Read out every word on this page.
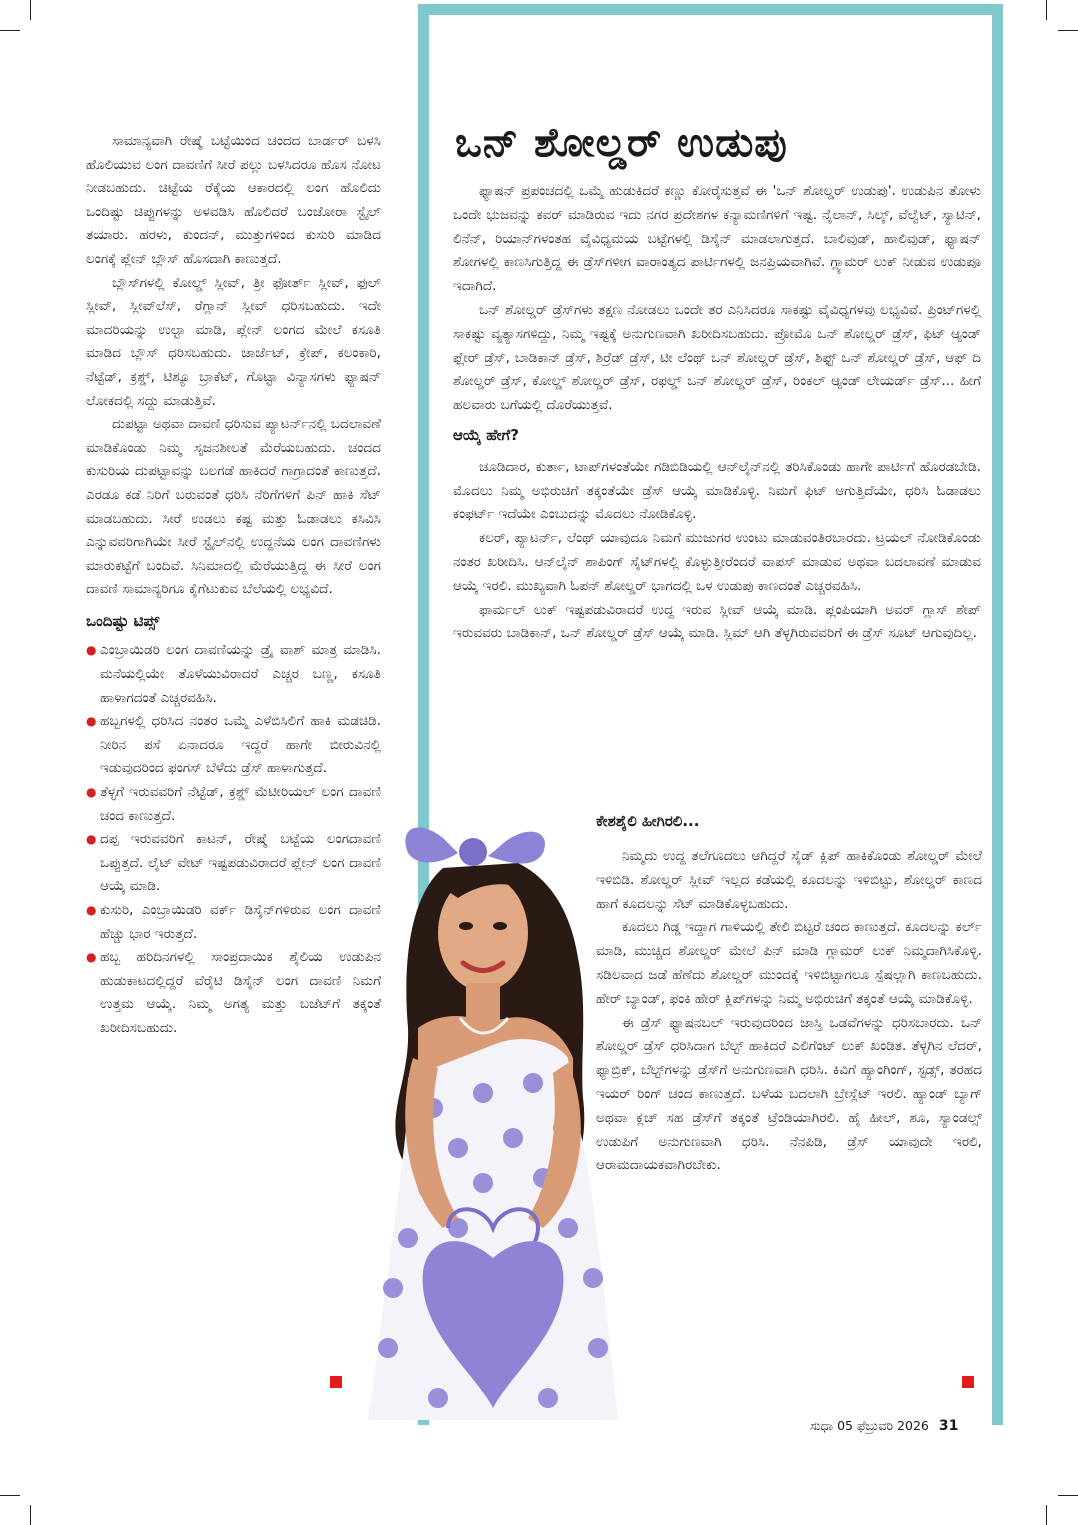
ಸಾಮಾನ್ಯವಾಗಿ ರೇಷ್ಮೆ ಬಟ್ಟೆಯಿಂದ ಚಂದದ ಬಾರ್ಡರ್ ಬಳಸಿ ಹೊಲಿಯುವ ಲಂಗ ದಾವಣಿಗೆ ಸೀರೆ ಪಲ್ಲು ಬಳಸಿದರೂ ಹೊಸ ನೋಟ ನೀಡಬಹುದು. ಚಿಟ್ಟೆಯ ರೆಕ್ಕೆಯ ಆಕಾರದಲ್ಲಿ ಲಂಗ ಹೊಲಿದು ಒಂದಿಷ್ಟು ಚಿಪ್ಪುಗಳನ್ನು ಅಳವಡಿಸಿ ಹೊಲಿದರೆ ಬಂಜೋರಾ ಸ್ಟೈಲ್ ತಯಾರು. ಹರಳು, ಕುಂದನ್, ಮುತ್ತುಗಳಿಂದ ಕುಸುರಿ ಮಾಡಿದ ಲಂಗಕ್ಕೆ ಪ್ಲೇನ್ ಬ್ಲೌಸ್ ಹೊಸದಾಗಿ ಕಾಣುತ್ತದೆ.

ಬ್ಲೌಸ್‌ಗಳಲ್ಲಿ ಕೋಲ್ಡ್ ಸ್ಲೀವ್, ತ್ರೀ ಫೋರ್ತ್ ಸ್ಲೀವ್, ಫುಲ್ ಸ್ಲೀವ್, ಸ್ಲೀವ್‌ಲೆಸ್, ರೆಗ್ಲಾನ್ ಸ್ಲೀವ್ ಧರಿಸಬಹುದು. ಇದೇ ಮಾದರಿಯನ್ನು ಉಲ್ಟಾ ಮಾಡಿ, ಪ್ಲೇನ್ ಲಂಗದ ಮೇಲೆ ಕಸೂತಿ ಮಾಡಿದ ಬ್ಲೌಸ್ ಧರಿಸಬಹುದು. ಜಾರ್ಜೆಟ್, ಕ್ರೇಪ್, ಕಲಂಕಾರಿ, ನೆಟ್ಟೆಡ್, ಕ್ರಶ್ಡ್, ಟಿಶ್ಯೂ ಬ್ರಾಕೆಟ್, ಗೊಟ್ಟಾ ವಿನ್ಯಾಸಗಳು ಫ್ಯಾಷನ್ ಲೋಕದಲ್ಲಿ ಸದ್ದು ಮಾಡುತ್ತಿವೆ.

ದುಪಟ್ಟಾ ಅಥವಾ ದಾವಣಿ ಧರಿಸುವ ಪ್ಯಾಟರ್ನ್‌ನಲ್ಲಿ ಬದಲಾವಣೆ ಮಾಡಿಕೊಂಡು ನಿಮ್ಮ ಸೃಜನಶೀಲತೆ ಮೆರೆಯಬಹುದು. ಚಂದದ ಕುಸುರಿಯ ದುಪಟ್ಟಾವನ್ನು ಬಲಗಡೆ ಹಾಕಿದರೆ ಗಾಗ್ರಾದಂತೆ ಕಾಣುತ್ತದೆ. ಎರಡೂ ಕಡೆ ನಿರಿಗೆ ಬರುವಂತೆ ಧರಿಸಿ ನೆರಿಗೆಗಳಿಗೆ ಪಿನ್ ಹಾಕಿ ಸೆಟ್ ಮಾಡಬಹುದು. ಸೀರೆ ಉಡಲು ಕಷ್ಟ ಮತ್ತು ಓಡಾಡಲು ಕಸಿವಿಸಿ ಎನ್ನುವವರಿಗಾಗಿಯೇ ಸೀರೆ ಸ್ಟೈಲ್‌ನಲ್ಲಿ ಉದ್ದನೆಯ ಲಂಗ ದಾವಣಿಗಳು ಮಾರುಕಟ್ಟೆಗೆ ಬಂದಿವೆ. ಸಿನಿಮಾದಲ್ಲಿ ಮೆರೆಯುತ್ತಿದ್ದ ಈ ಸೀರೆ ಲಂಗ ದಾವಣಿ ಸಾಮಾನ್ಯರಿಗೂ ಕೈಗೆಟುಕುವ ಬೆಲೆಯಲ್ಲಿ ಲಭ್ಯವಿದೆ.

ಒಂದಿಷ್ಟು ಟಿಪ್ಸ್
● ಎಂಬ್ರಾಯಿಡರಿ ಲಂಗ ದಾವಣಿಯನ್ನು ಡ್ರೈ ವಾಶ್ ಮಾತ್ರ ಮಾಡಿಸಿ. ಮನೆಯಲ್ಲಿಯೇ ತೊಳೆಯುವಿರಾದರೆ ಎಚ್ಚರ ಬಣ್ಣ, ಕಸೂತಿ ಹಾಳಾಗದಂತೆ ಎಚ್ಚರವಹಿಸಿ.
● ಹಬ್ಬಗಳಲ್ಲಿ ಧರಿಸಿದ ನಂತರ ಒಮ್ಮೆ ಎಳೆಬಿಸಿಲಿಗೆ ಹಾಕಿ ಮಡಚಿಡಿ. ನೀರಿನ ಪಸೆ ಏನಾದರೂ ಇದ್ದರೆ ಹಾಗೇ ಬೀರುವಿನಲ್ಲಿ ಇಡುವುದರಿಂದ ಫಂಗಸ್ ಬೆಳೆದು ಡ್ರೆಸ್ ಹಾಳಾಗುತ್ತದೆ.
● ತೆಳ್ಳಗೆ ಇರುವವರಿಗೆ ನೆಟ್ಟೆಡ್, ಕ್ರಶ್ಡ್ ಮೆಟೀರಿಯಲ್ ಲಂಗ ದಾವಣಿ ಚಂದ ಕಾಣುತ್ತದೆ.
● ದಪ್ಪ ಇರುವವರಿಗೆ ಕಾಟನ್, ರೇಷ್ಮೆ ಬಟ್ಟೆಯ ಲಂಗದಾವಣಿ ಒಪ್ಪುತ್ತದೆ. ಲೈಟ್ ವೇಟ್ ಇಷ್ಟಪಡುವಿರಾದರೆ ಪ್ಲೇನ್ ಲಂಗ ದಾವಣಿ ಆಯ್ಕೆ ಮಾಡಿ.
● ಕುಸುರಿ, ಎಂಬ್ರಾಯಿಡರಿ ವರ್ಕ್ ಡಿಸೈನ್‌ಗಳಿರುವ ಲಂಗ ದಾವಣಿ ಹೆಚ್ಚು ಭಾರ ಇರುತ್ತದೆ.
● ಹಬ್ಬ ಹರಿದಿನಗಳಲ್ಲಿ ಸಾಂಪ್ರದಾಯಿಕ ಶೈಲಿಯ ಉಡುಪಿನ ಹುಡುಕಾಟದಲ್ಲಿದ್ದರೆ ವೆರೈಟಿ ಡಿಸೈನ್ ಲಂಗ ದಾವಣಿ ನಿಮಗೆ ಉತ್ತಮ ಆಯ್ಕೆ. ನಿಮ್ಮ ಅಗತ್ಯ ಮತ್ತು ಬಜೆಟ್‌ಗೆ ತಕ್ಕಂತೆ ಖರೀದಿಸಬಹುದು.
ಒನ್ ಶೋಲ್ಡರ್ ಉಡುಪು

ಫ್ಯಾಷನ್ ಪ್ರಪಂಚದಲ್ಲಿ ಒಮ್ಮೆ ಹುಡುಕಿದರೆ ಕಣ್ಣು ಕೋರೈಸುತ್ತವೆ ಈ 'ಒನ್ ಶೋಲ್ಡರ್ ಉಡುಪು'. ಉಡುಪಿನ ತೋಳು ಒಂದೇ ಭುಜವನ್ನು ಕವರ್ ಮಾಡಿರುವ ಇದು ನಗರ ಪ್ರದೇಶಗಳ ಕನ್ಯಾಮಣಿಗಳಿಗೆ ಇಷ್ಟ. ನೈಲಾನ್, ಸಿಲ್ಕ್, ವೆಲ್ವೆಟ್, ಸ್ಯಾಟಿನ್, ಲಿನೆನ್, ರಿಯಾನ್‌ಗಳಂತಹ ವೈವಿಧ್ಯಮಯ ಬಟ್ಟೆಗಳಲ್ಲಿ ಡಿಸೈನ್ ಮಾಡಲಾಗುತ್ತದೆ. ಬಾಲಿವುಡ್, ಹಾಲಿವುಡ್, ಫ್ಯಾಷನ್ ಶೋಗಳಲ್ಲಿ ಕಾಣಸಿಗುತ್ತಿದ್ದ ಈ ಡ್ರೆಸ್‌ಗಳೀಗ ವಾರಾಂತ್ಯದ ಪಾರ್ಟಿಗಳಲ್ಲಿ ಜನಪ್ರಿಯವಾಗಿವೆ. ಗ್ಲ್ಯಾಮರ್ ಲುಕ್ ನೀಡುವ ಉಡುಪೂ ಇದಾಗಿದೆ.

ಒನ್ ಶೋಲ್ಡರ್ ಡ್ರೆಸ್‌ಗಳು ತಕ್ಷಣ ನೋಡಲು ಒಂದೇ ತರ ಎನಿಸಿದರೂ ಸಾಕಷ್ಟು ವೈವಿಧ್ಯಗಳವು ಲಭ್ಯವಿವೆ. ಪ್ರಿಂಟ್‌ಗಳಲ್ಲಿ ಸಾಕಷ್ಟು ವ್ಯತ್ಯಾಸಗಳಿದ್ದು, ನಿಮ್ಮ ಇಷ್ಟಕ್ಕೆ ಅನುಗುಣವಾಗಿ ಖರೀದಿಸಬಹುದು. ಪ್ರೋಮೊ ಒನ್ ಶೋಲ್ಡರ್ ಡ್ರೆಸ್, ಫಿಟ್ ಆ್ಯಂಡ್ ಫ್ಲೇರ್ ಡ್ರೆಸ್, ಬಾಡಿಕಾನ್ ಡ್ರೆಸ್, ಶಿರ್ರೆಡ್ ಡ್ರೆಸ್, ಟೀ ಲೆಂಥ್ ಒನ್ ಶೋಲ್ಡರ್ ಡ್ರೆಸ್, ಶಿಫ್ಟ್ ಒನ್ ಶೋಲ್ಡರ್ ಡ್ರೆಸ್, ಆಫ್ ದಿ ಶೋಲ್ಡರ್ ಡ್ರೆಸ್, ಕೋಲ್ಡ್ ಶೋಲ್ಡರ್ ಡ್ರೆಸ್, ರಫಲ್ಡ್ ಒನ್ ಶೋಲ್ಡರ್ ಡ್ರೆಸ್, ರಿಂಕಲ್ ಆ್ಯಂಡ್ ಲೇಯರ್ಡ್ ಡ್ರೆಸ್... ಹೀಗೆ ಹಲವಾರು ಬಗೆಯಲ್ಲಿ ದೊರೆಯುತ್ತವೆ.

ಆಯ್ಕೆ ಹೇಗೆ?

ಚೂಡಿದಾರ, ಕುರ್ತಾ, ಟಾಪ್‌ಗಳಂತೆಯೇ ಗಡಿಬಿಡಿಯಲ್ಲಿ ಆನ್‌ಲೈನ್‌ನಲ್ಲಿ ತರಿಸಿಕೊಂಡು ಹಾಗೇ ಪಾರ್ಟಿಗೆ ಹೊರಡಬೇಡಿ. ಮೊದಲು ನಿಮ್ಮ ಅಭಿರುಚಿಗೆ ತಕ್ಕಂತೆಯೇ ಡ್ರೆಸ್ ಆಯ್ಕೆ ಮಾಡಿಕೊಳ್ಳಿ. ನಿಮಗೆ ಫಿಟ್ ಆಗುತ್ತಿದೆಯೇ, ಧರಿಸಿ ಓಡಾಡಲು ಕಂಫರ್ಟ್ ಇದೆಯೇ ಎಂಬುದನ್ನು ಮೊದಲು ನೋಡಿಕೊಳ್ಳಿ.

ಕಲರ್, ಪ್ಯಾಟರ್ನ್, ಲೆಂಥ್ ಯಾವುದೂ ನಿಮಗೆ ಮುಜುಗರ ಉಂಟು ಮಾಡುವಂತಿರಬಾರದು. ಟ್ರಯಲ್ ನೋಡಿಕೊಂಡು ನಂತರ ಖರೀದಿಸಿ. ಆನ್‌ಲೈನ್ ಶಾಪಿಂಗ್ ಸೈಟ್‌ಗಳಲ್ಲಿ ಕೊಳ್ಳುತ್ತೀರೆಂದರೆ ವಾಪಸ್ ಮಾಡುವ ಅಥವಾ ಬದಲಾವಣೆ ಮಾಡುವ ಆಯ್ಕೆ ಇರಲಿ. ಮುಖ್ಯವಾಗಿ ಓಪನ್ ಶೋಲ್ಡರ್ ಭಾಗದಲ್ಲಿ ಒಳ ಉಡುಪು ಕಾಣದಂತೆ ಎಚ್ಚರವಹಿಸಿ.

ಫಾರ್ಮಲ್ ಲುಕ್ ಇಷ್ಟಪಡುವಿರಾದರೆ ಉದ್ದ ಇರುವ ಸ್ಲೀವ್ ಆಯ್ಕೆ ಮಾಡಿ. ಪ್ಲಂಪಿಯಾಗಿ ಅವರ್ ಗ್ಲಾಸ್ ಶೇಪ್ ಇರುವವರು ಬಾಡಿಕಾನ್, ಒನ್ ಶೋಲ್ಡರ್ ಡ್ರೆಸ್ ಆಯ್ಕೆ ಮಾಡಿ. ಸ್ಲಿಮ್ ಆಗಿ ತೆಳ್ಳಗಿರುವವರಿಗೆ ಈ ಡ್ರೆಸ್ ಸೂಟ್ ಆಗುವುದಿಲ್ಲ.

ಕೇಶಶೈಲಿ ಹೀಗಿರಲಿ...

ನಿಮ್ಮದು ಉದ್ದ ತಲೆಗೂದಲು ಆಗಿದ್ದರೆ ಸೈಡ್ ಕ್ಲಿಪ್ ಹಾಕಿಕೊಂಡು ಶೋಲ್ಡರ್ ಮೇಲೆ ಇಳಿಬಿಡಿ. ಶೋಲ್ಡರ್ ಸ್ಲೀವ್ ಇಲ್ಲದ ಕಡೆಯಲ್ಲಿ ಕೂದಲನ್ನು ಇಳಿಬಿಟ್ಟು, ಶೋಲ್ಡರ್ ಕಾಣದ ಹಾಗೆ ಕೂದಲನ್ನು ಸೆಟ್ ಮಾಡಿಕೊಳ್ಳಬಹುದು.

ಕೂದಲು ಗಿಡ್ಡ ಇದ್ದಾಗ ಗಾಳಿಯಲ್ಲಿ ತೇಲಿ ಬಿಟ್ಟರೆ ಚಂದ ಕಾಣುತ್ತದೆ. ಕೂದಲನ್ನು ಕರ್ಲ್ ಮಾಡಿ, ಮುಚ್ಚಿದ ಶೋಲ್ಡರ್ ಮೇಲೆ ಪಿನ್ ಮಾಡಿ ಗ್ಲಾಮರ್ ಲುಕ್ ನಿಮ್ಮದಾಗಿಸಿಕೊಳ್ಳಿ. ಸಡಿಲವಾದ ಜಡೆ ಹೆಣೆದು ಶೋಲ್ಡರ್ ಮುಂದಕ್ಕೆ ಇಳಿಬಿಟ್ಟಾಗಲೂ ಸ್ಪೆಷಲ್ಲಾಗಿ ಕಾಣಬಹುದು. ಹೇರ್ ಬ್ಯಾಂಡ್, ಫಂಕಿ ಹೇರ್ ಕ್ಲಿಪ್‌ಗಳನ್ನು ನಿಮ್ಮ ಅಭಿರುಚಿಗೆ ತಕ್ಕಂತೆ ಆಯ್ಕೆ ಮಾಡಿಕೊಳ್ಳಿ.

ಈ ಡ್ರೆಸ್ ಫ್ಯಾಷನಬಲ್ ಇರುವುದರಿಂದ ಜಾಸ್ತಿ ಒಡವೆಗಳನ್ನು ಧರಿಸಬಾರದು. ಒನ್ ಶೋಲ್ಡರ್ ಡ್ರೆಸ್ ಧರಿಸಿದಾಗ ಬೆಲ್ಟ್ ಹಾಕಿದರೆ ಎಲಿಗೆಂಟ್ ಲುಕ್ ಖಂಡಿತ. ತೆಳ್ಳಗಿನ ಲೆದರ್, ಫ್ಯಾಬ್ರಿಕ್, ಬೆಲ್ಟ್‌ಗಳನ್ನು ಡ್ರೆಸ್‌ಗೆ ಅನುಗುಣವಾಗಿ ಧರಿಸಿ. ಕಿವಿಗೆ ಹ್ಯಾಂಗಿಂಗ್, ಸ್ಟಡ್ಸ್, ತರಹದ ಇಯರ್ ರಿಂಗ್ ಚಂದ ಕಾಣುತ್ತದೆ. ಬಳೆಯ ಬದಲಾಗಿ ಬ್ರೇಸ್ಲೆಟ್ ಇರಲಿ. ಹ್ಯಾಂಡ್ ಬ್ಯಾಗ್ ಅಥವಾ ಕ್ಲಚ್ ಸಹ ಡ್ರೆಸ್‌ಗೆ ತಕ್ಕಂತೆ ಟ್ರೆಂಡಿಯಾಗಿರಲಿ. ಹೈ ಹೀಲ್, ಶೂ, ಸ್ಯಾಂಡಲ್ಸ್ ಉಡುಪಿಗೆ ಅನುಗುಣವಾಗಿ ಧರಿಸಿ. ನೆನಪಿಡಿ, ಡ್ರೆಸ್ ಯಾವುದೇ ಇರಲಿ, ಆರಾಮದಾಯಕವಾಗಿರಬೇಕು.

ಸುಧಾ 05 ಫೆಬ್ರುವರಿ 2026 31
